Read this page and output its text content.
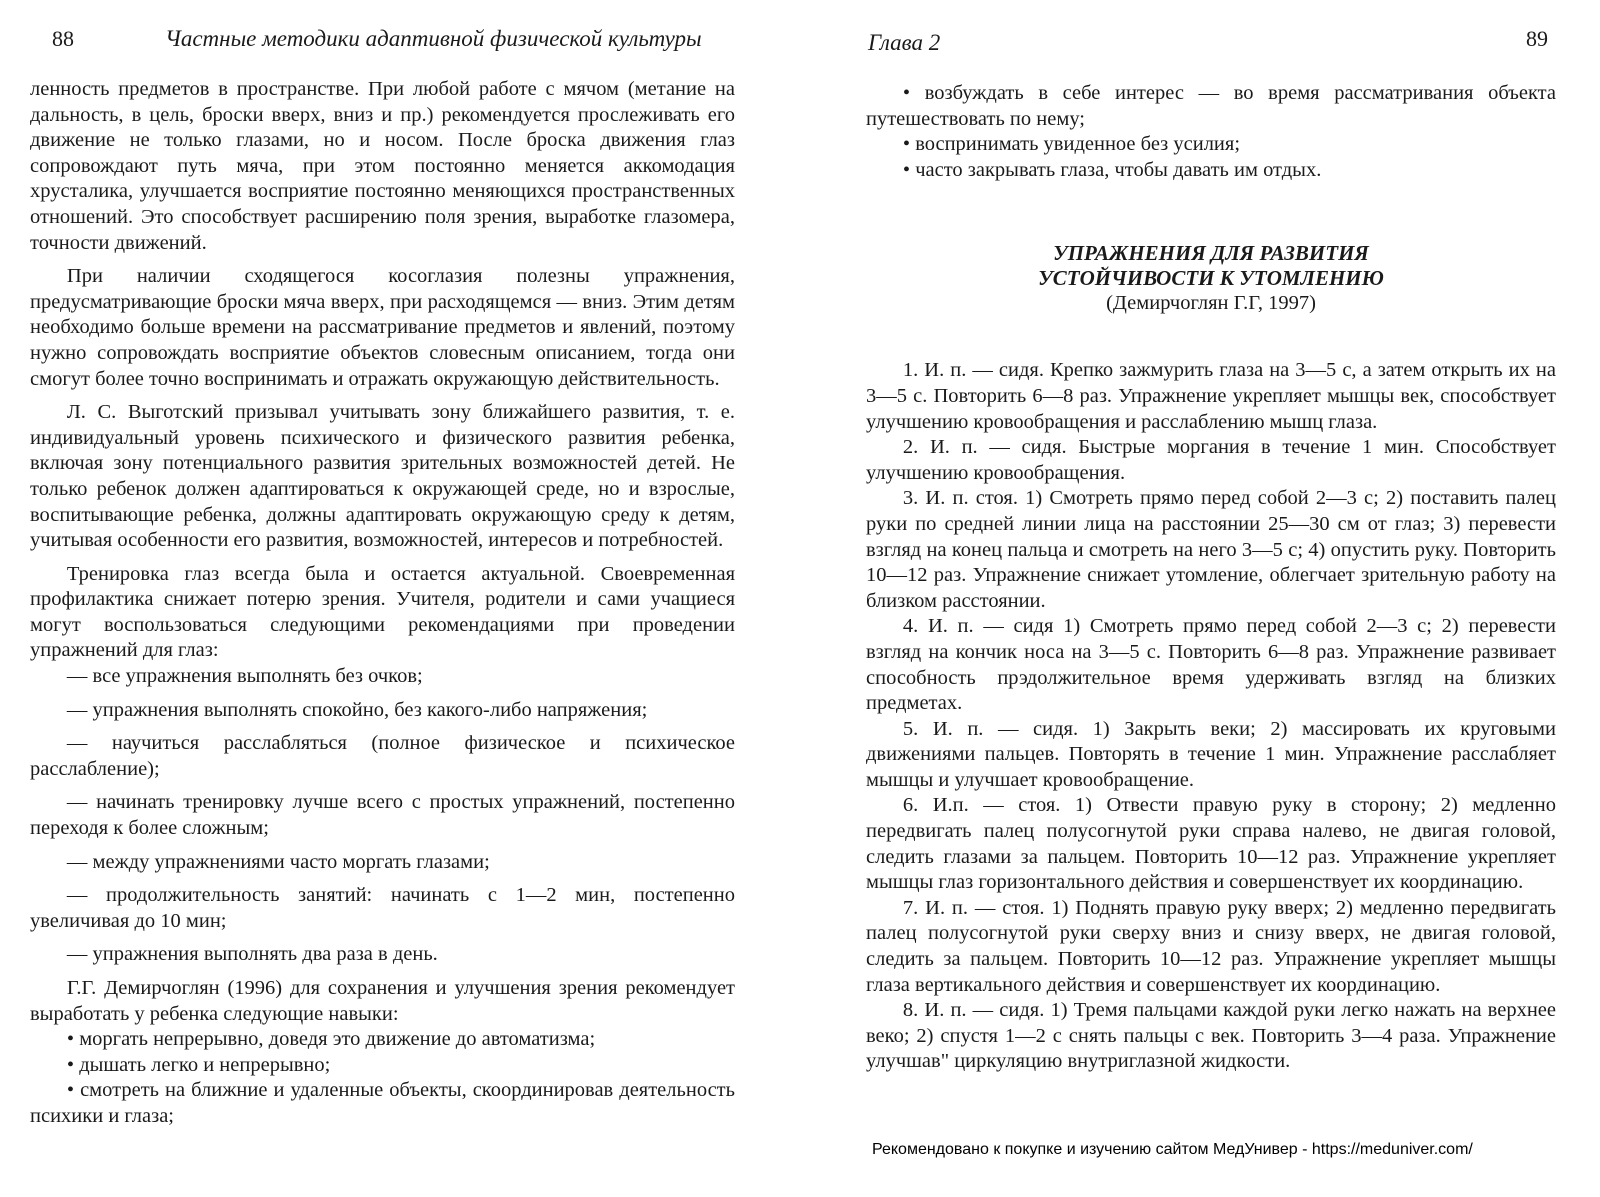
88	Частные методики адаптивной физической культуры

ленность предметов в пространстве. При любой работе с мячом (метание на дальность, в цель, броски вверх, вниз и пр.) рекомендуется прослеживать его движение не только глазами, но и носом. После броска движения глаз сопровождают путь мяча, при этом постоянно меняется аккомодация хрусталика, улучшается восприятие постоянно меняющихся пространственных отношений. Это способствует расширению поля зрения, выработке глазомера, точности движений.

При наличии сходящегося косоглазия полезны упражнения, предусматривающие броски мяча вверх, при расходящемся — вниз. Этим детям необходимо больше времени на рассматривание предметов и явлений, поэтому нужно сопровождать восприятие объектов словесным описанием, тогда они смогут более точно воспринимать и отражать окружающую действительность.

Л. С. Выготский призывал учитывать зону ближайшего развития, т. е. индивидуальный уровень психического и физического развития ребенка, включая зону потенциального развития зрительных возможностей детей. Не только ребенок должен адаптироваться к окружающей среде, но и взрослые, воспитывающие ребенка, должны адаптировать окружающую среду к детям, учитывая особенности его развития, возможностей, интересов и потребностей.

Тренировка глаз всегда была и остается актуальной. Своевременная профилактика снижает потерю зрения. Учителя, родители и сами учащиеся могут воспользоваться следующими рекомендациями при проведении упражнений для глаз:

— все упражнения выполнять без очков;

— упражнения выполнять спокойно, без какого-либо напряжения;

— научиться расслабляться (полное физическое и психическое расслабление);

— начинать тренировку лучше всего с простых упражнений, постепенно переходя к более сложным;

— между упражнениями часто моргать глазами;

— продолжительность занятий: начинать с 1—2 мин, постепенно увеличивая до 10 мин;

— упражнения выполнять два раза в день.

Г.Г. Демирчоглян (1996) для сохранения и улучшения зрения рекомендует выработать у ребенка следующие навыки:

• моргать непрерывно, доведя это движение до автоматизма;

• дышать легко и непрерывно;

• смотреть на ближние и удаленные объекты, скоординировав деятельность психики и глаза;

Глава 2	89

• возбуждать в себе интерес — во время рассматривания объекта путешествовать по нему;

• воспринимать увиденное без усилия;

• часто закрывать глаза, чтобы давать им отдых.

УПРАЖНЕНИЯ ДЛЯ РАЗВИТИЯ
УСТОЙЧИВОСТИ К УТОМЛЕНИЮ
(Демирчоглян Г.Г, 1997)

1. И. п. — сидя. Крепко зажмурить глаза на 3—5 с, а затем открыть их на 3—5 с. Повторить 6—8 раз. Упражнение укрепляет мышцы век, способствует улучшению кровообращения и расслаблению мышц глаза.

2. И. п. — сидя. Быстрые моргания в течение 1 мин. Способствует улучшению кровообращения.

3. И. п. стоя. 1) Смотреть прямо перед собой 2—3 с; 2) поставить палец руки по средней линии лица на расстоянии 25—30 см от глаз; 3) перевести взгляд на конец пальца и смотреть на него 3—5 с; 4) опустить руку. Повторить 10—12 раз. Упражнение снижает утомление, облегчает зрительную работу на близком расстоянии.

4. И. п. — сидя 1) Смотреть прямо перед собой 2—3 с; 2) перевести взгляд на кончик носа на 3—5 с. Повторить 6—8 раз. Упражнение развивает способность прэдолжительное время удерживать взгляд на близких предметах.

5. И. п. — сидя. 1) Закрыть веки; 2) массировать их круговыми движениями пальцев. Повторять в течение 1 мин. Упражнение расслабляет мышцы и улучшает кровообращение.

6. И.п. — стоя. 1) Отвести правую руку в сторону; 2) медленно передвигать палец полусогнутой руки справа налево, не двигая головой, следить глазами за пальцем. Повторить 10—12 раз. Упражнение укрепляет мышцы глаз горизонтального действия и совершенствует их координацию.

7. И. п. — стоя. 1) Поднять правую руку вверх; 2) медленно передвигать палец полусогнутой руки сверху вниз и снизу вверх, не двигая головой, следить за пальцем. Повторить 10—12 раз. Упражнение укрепляет мышцы глаза вертикального действия и совершенствует их координацию.

8. И. п. — сидя. 1) Тремя пальцами каждой руки легко нажать на верхнее веко; 2) спустя 1—2 с снять пальцы с век. Повторить 3—4 раза. Упражнение улучшав" циркуляцию внутриглазной жидкости.

Рекомендовано к покупке и изучению сайтом МедУнивер - https://meduniver.com/
